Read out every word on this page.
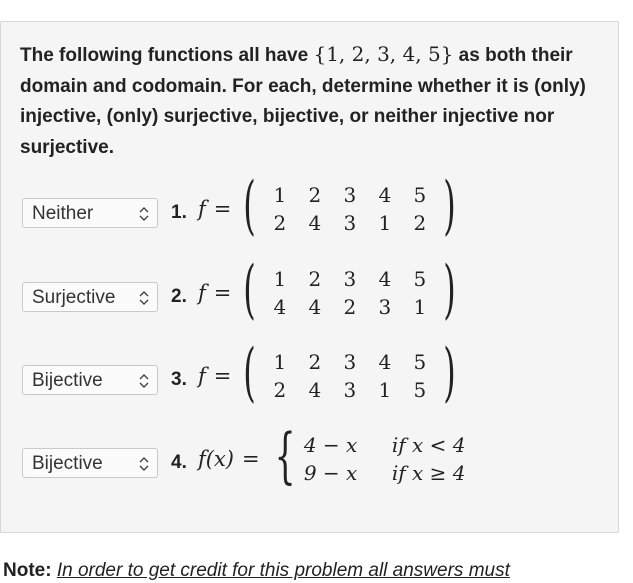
The following functions all have {1, 2, 3, 4, 5} as both their domain and codomain. For each, determine whether it is (only) injective, (only) surjective, bijective, or neither injective nor surjective.
Neither	1. f = ( 1	2	3	4	5
2	4	3	1	2 )
Surjective	2. f = ( 1	2	3	4	5
4	4	2	3	1 )
Bijective	3. f = ( 1	2	3	4	5
2	4	3	1	5 )
Bijective	4. f(x) = { 4 − x	if x < 4
9 − x	if x ≥ 4
Note: In order to get credit for this problem all answers must
